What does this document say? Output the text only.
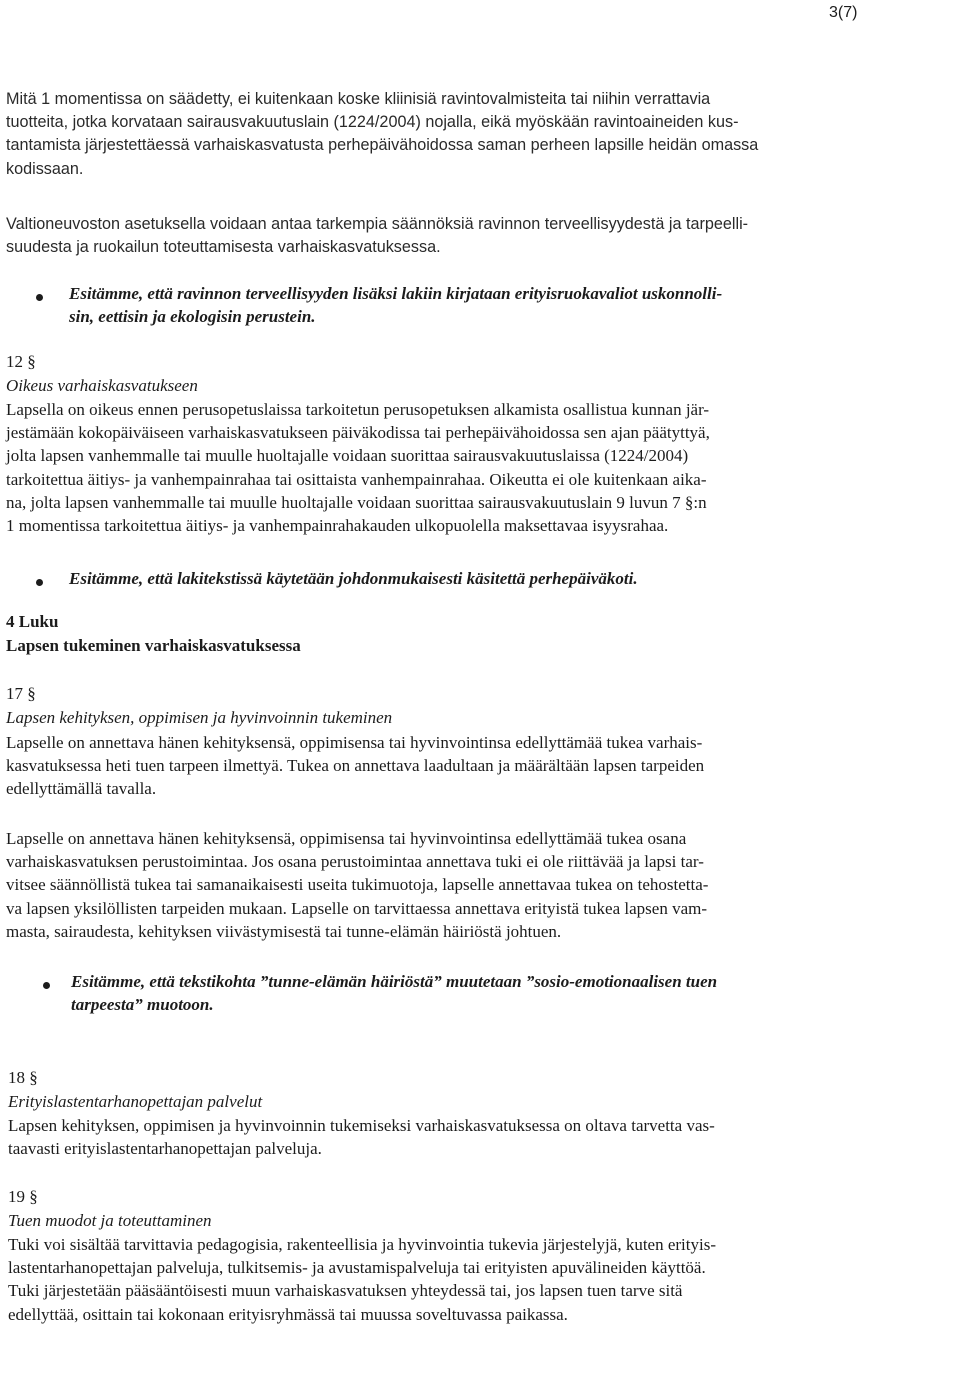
3(7)
Mitä 1 momentissa on säädetty, ei kuitenkaan koske kliinisiä ravintovalmisteita tai niihin verrattavia
tuotteita, jotka korvataan sairausvakuutuslain (1224/2004) nojalla, eikä myöskään ravintoaineiden kus-
tantamista järjestettäessä varhaiskasvatusta perhepäivähoidossa saman perheen lapsille heidän omassa
kodissaan.
Valtioneuvoston asetuksella voidaan antaa tarkempia säännöksiä ravinnon terveellisyydestä ja tarpeelli-
suudesta ja ruokailun toteuttamisesta varhaiskasvatuksessa.
Esitämme, että ravinnon terveellisyyden lisäksi lakiin kirjataan erityisruokavaliot uskonnolli-
sin, eettisin ja ekologisin perustein.
12 §
Oikeus varhaiskasvatukseen
Lapsella on oikeus ennen perusopetuslaissa tarkoitetun perusopetuksen alkamista osallistua kunnan jär-
jestämään kokopäiväiseen varhaiskasvatukseen päiväkodissa tai perhepäivähoidossa sen ajan päätyttyä,
jolta lapsen vanhemmalle tai muulle huoltajalle voidaan suorittaa sairausvakuutuslaissa (1224/2004)
tarkoitettua äitiys- ja vanhempainrahaa tai osittaista vanhempainrahaa. Oikeutta ei ole kuitenkaan aika-
na, jolta lapsen vanhemmalle tai muulle huoltajalle voidaan suorittaa sairausvakuutuslain 9 luvun 7 §:n
1 momentissa tarkoitettua äitiys- ja vanhempainrahakauden ulkopuolella maksettavaa isyysrahaa.
Esitämme, että lakitekstissä käytetään johdonmukaisesti käsitettä perhepäiväkoti.
4 Luku
Lapsen tukeminen varhaiskasvatuksessa
17 §
Lapsen kehityksen, oppimisen ja hyvinvoinnin tukeminen
Lapselle on annettava hänen kehityksensä, oppimisensa tai hyvinvointinsa edellyttämää tukea varhais-
kasvatuksessa heti tuen tarpeen ilmettyä. Tukea on annettava laadultaan ja määrältään lapsen tarpeiden
edellyttämällä tavalla.
Lapselle on annettava hänen kehityksensä, oppimisensa tai hyvinvointinsa edellyttämää tukea osana
varhaiskasvatuksen perustoimintaa. Jos osana perustoimintaa annettava tuki ei ole riittävää ja lapsi tar-
vitsee säännöllistä tukea tai samanaikaisesti useita tukimuotoja, lapselle annettavaa tukea on tehostetta-
va lapsen yksilöllisten tarpeiden mukaan. Lapselle on tarvittaessa annettava erityistä tukea lapsen vam-
masta, sairaudesta, kehityksen viivästymisestä tai tunne-elämän häiriöstä johtuen.
Esitämme, että tekstikohta ”tunne-elämän häiriöstä” muutetaan ”sosio-emotionaalisen tuen
tarpeesta” muotoon.
18 §
Erityislastentarhanopettajan palvelut
Lapsen kehityksen, oppimisen ja hyvinvoinnin tukemiseksi varhaiskasvatuksessa on oltava tarvetta vas-
taavasti erityislastentarhanopettajan palveluja.
19 §
Tuen muodot ja toteuttaminen
Tuki voi sisältää tarvittavia pedagogisia, rakenteellisia ja hyvinvointia tukevia järjestelyjä, kuten erityis-
lastentarhanopettajan palveluja, tulkitsemis- ja avustamispalveluja tai erityisten apuvälineiden käyttöä.
Tuki järjestetään pääsääntöisesti muun varhaiskasvatuksen yhteydessä tai, jos lapsen tuen tarve sitä
edellyttää, osittain tai kokonaan erityisryhmässä tai muussa soveltuvassa paikassa.
